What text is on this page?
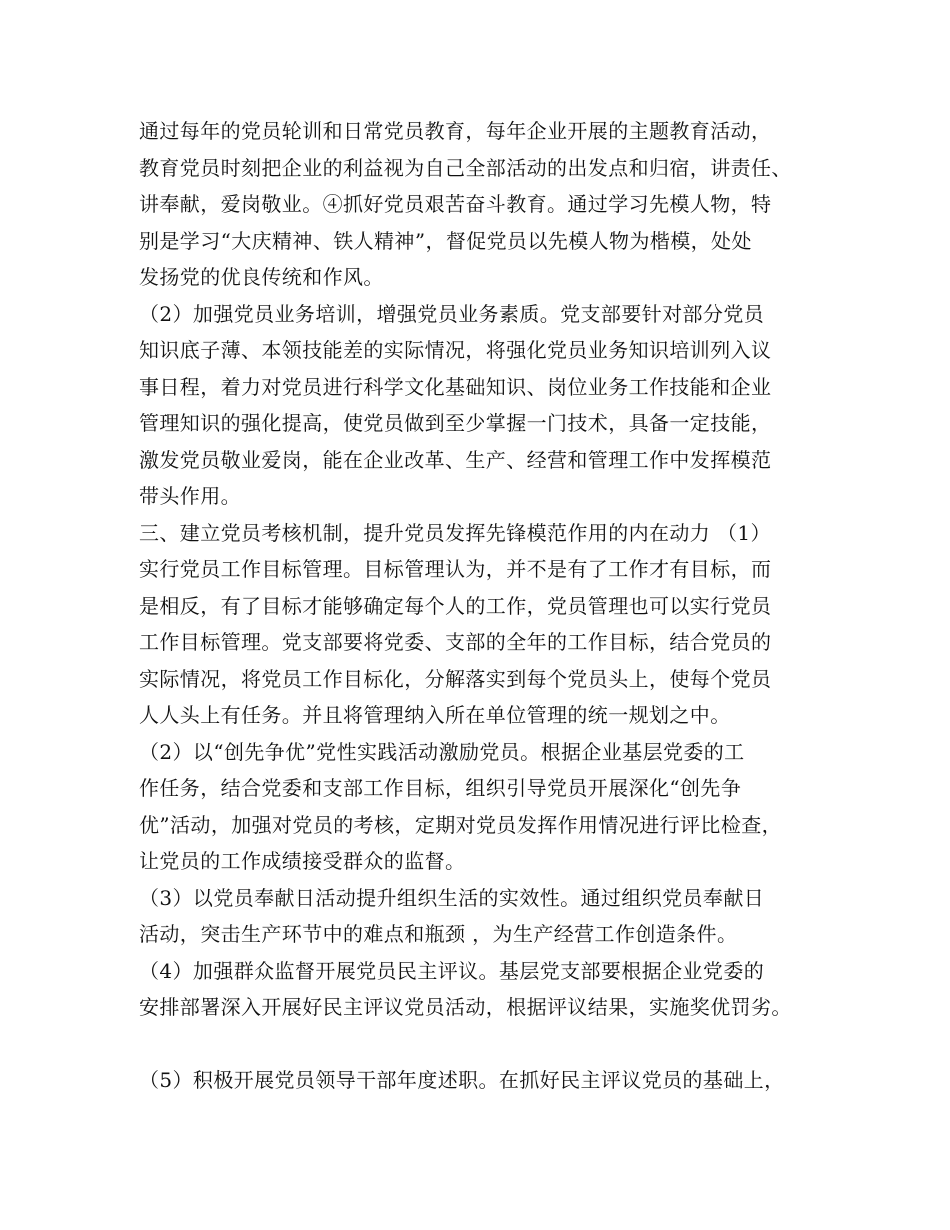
通过每年的党员轮训和日常党员教育，每年企业开展的主题教育活动，
教育党员时刻把企业的利益视为自己全部活动的出发点和归宿，讲责任、
讲奉献，爱岗敬业。④抓好党员艰苦奋斗教育。通过学习先模人物，特
别是学习“大庆精神、铁人精神”，督促党员以先模人物为楷模，处处
发扬党的优良传统和作风。
（2）加强党员业务培训，增强党员业务素质。党支部要针对部分党员
知识底子薄、本领技能差的实际情况，将强化党员业务知识培训列入议
事日程，着力对党员进行科学文化基础知识、岗位业务工作技能和企业
管理知识的强化提高，使党员做到至少掌握一门技术，具备一定技能，
激发党员敬业爱岗，能在企业改革、生产、经营和管理工作中发挥模范
带头作用。
三、建立党员考核机制，提升党员发挥先锋模范作用的内在动力 （1）
实行党员工作目标管理。目标管理认为，并不是有了工作才有目标，而
是相反，有了目标才能够确定每个人的工作，党员管理也可以实行党员
工作目标管理。党支部要将党委、支部的全年的工作目标，结合党员的
实际情况，将党员工作目标化，分解落实到每个党员头上，使每个党员
人人头上有任务。并且将管理纳入所在单位管理的统一规划之中。
（2）以“创先争优”党性实践活动激励党员。根据企业基层党委的工
作任务，结合党委和支部工作目标，组织引导党员开展深化“创先争
优”活动，加强对党员的考核，定期对党员发挥作用情况进行评比检查，
让党员的工作成绩接受群众的监督。
（3）以党员奉献日活动提升组织生活的实效性。通过组织党员奉献日
活动，突击生产环节中的难点和瓶颈 ，为生产经营工作创造条件。
（4）加强群众监督开展党员民主评议。基层党支部要根据企业党委的
安排部署深入开展好民主评议党员活动，根据评议结果，实施奖优罚劣。
（5）积极开展党员领导干部年度述职。在抓好民主评议党员的基础上，
